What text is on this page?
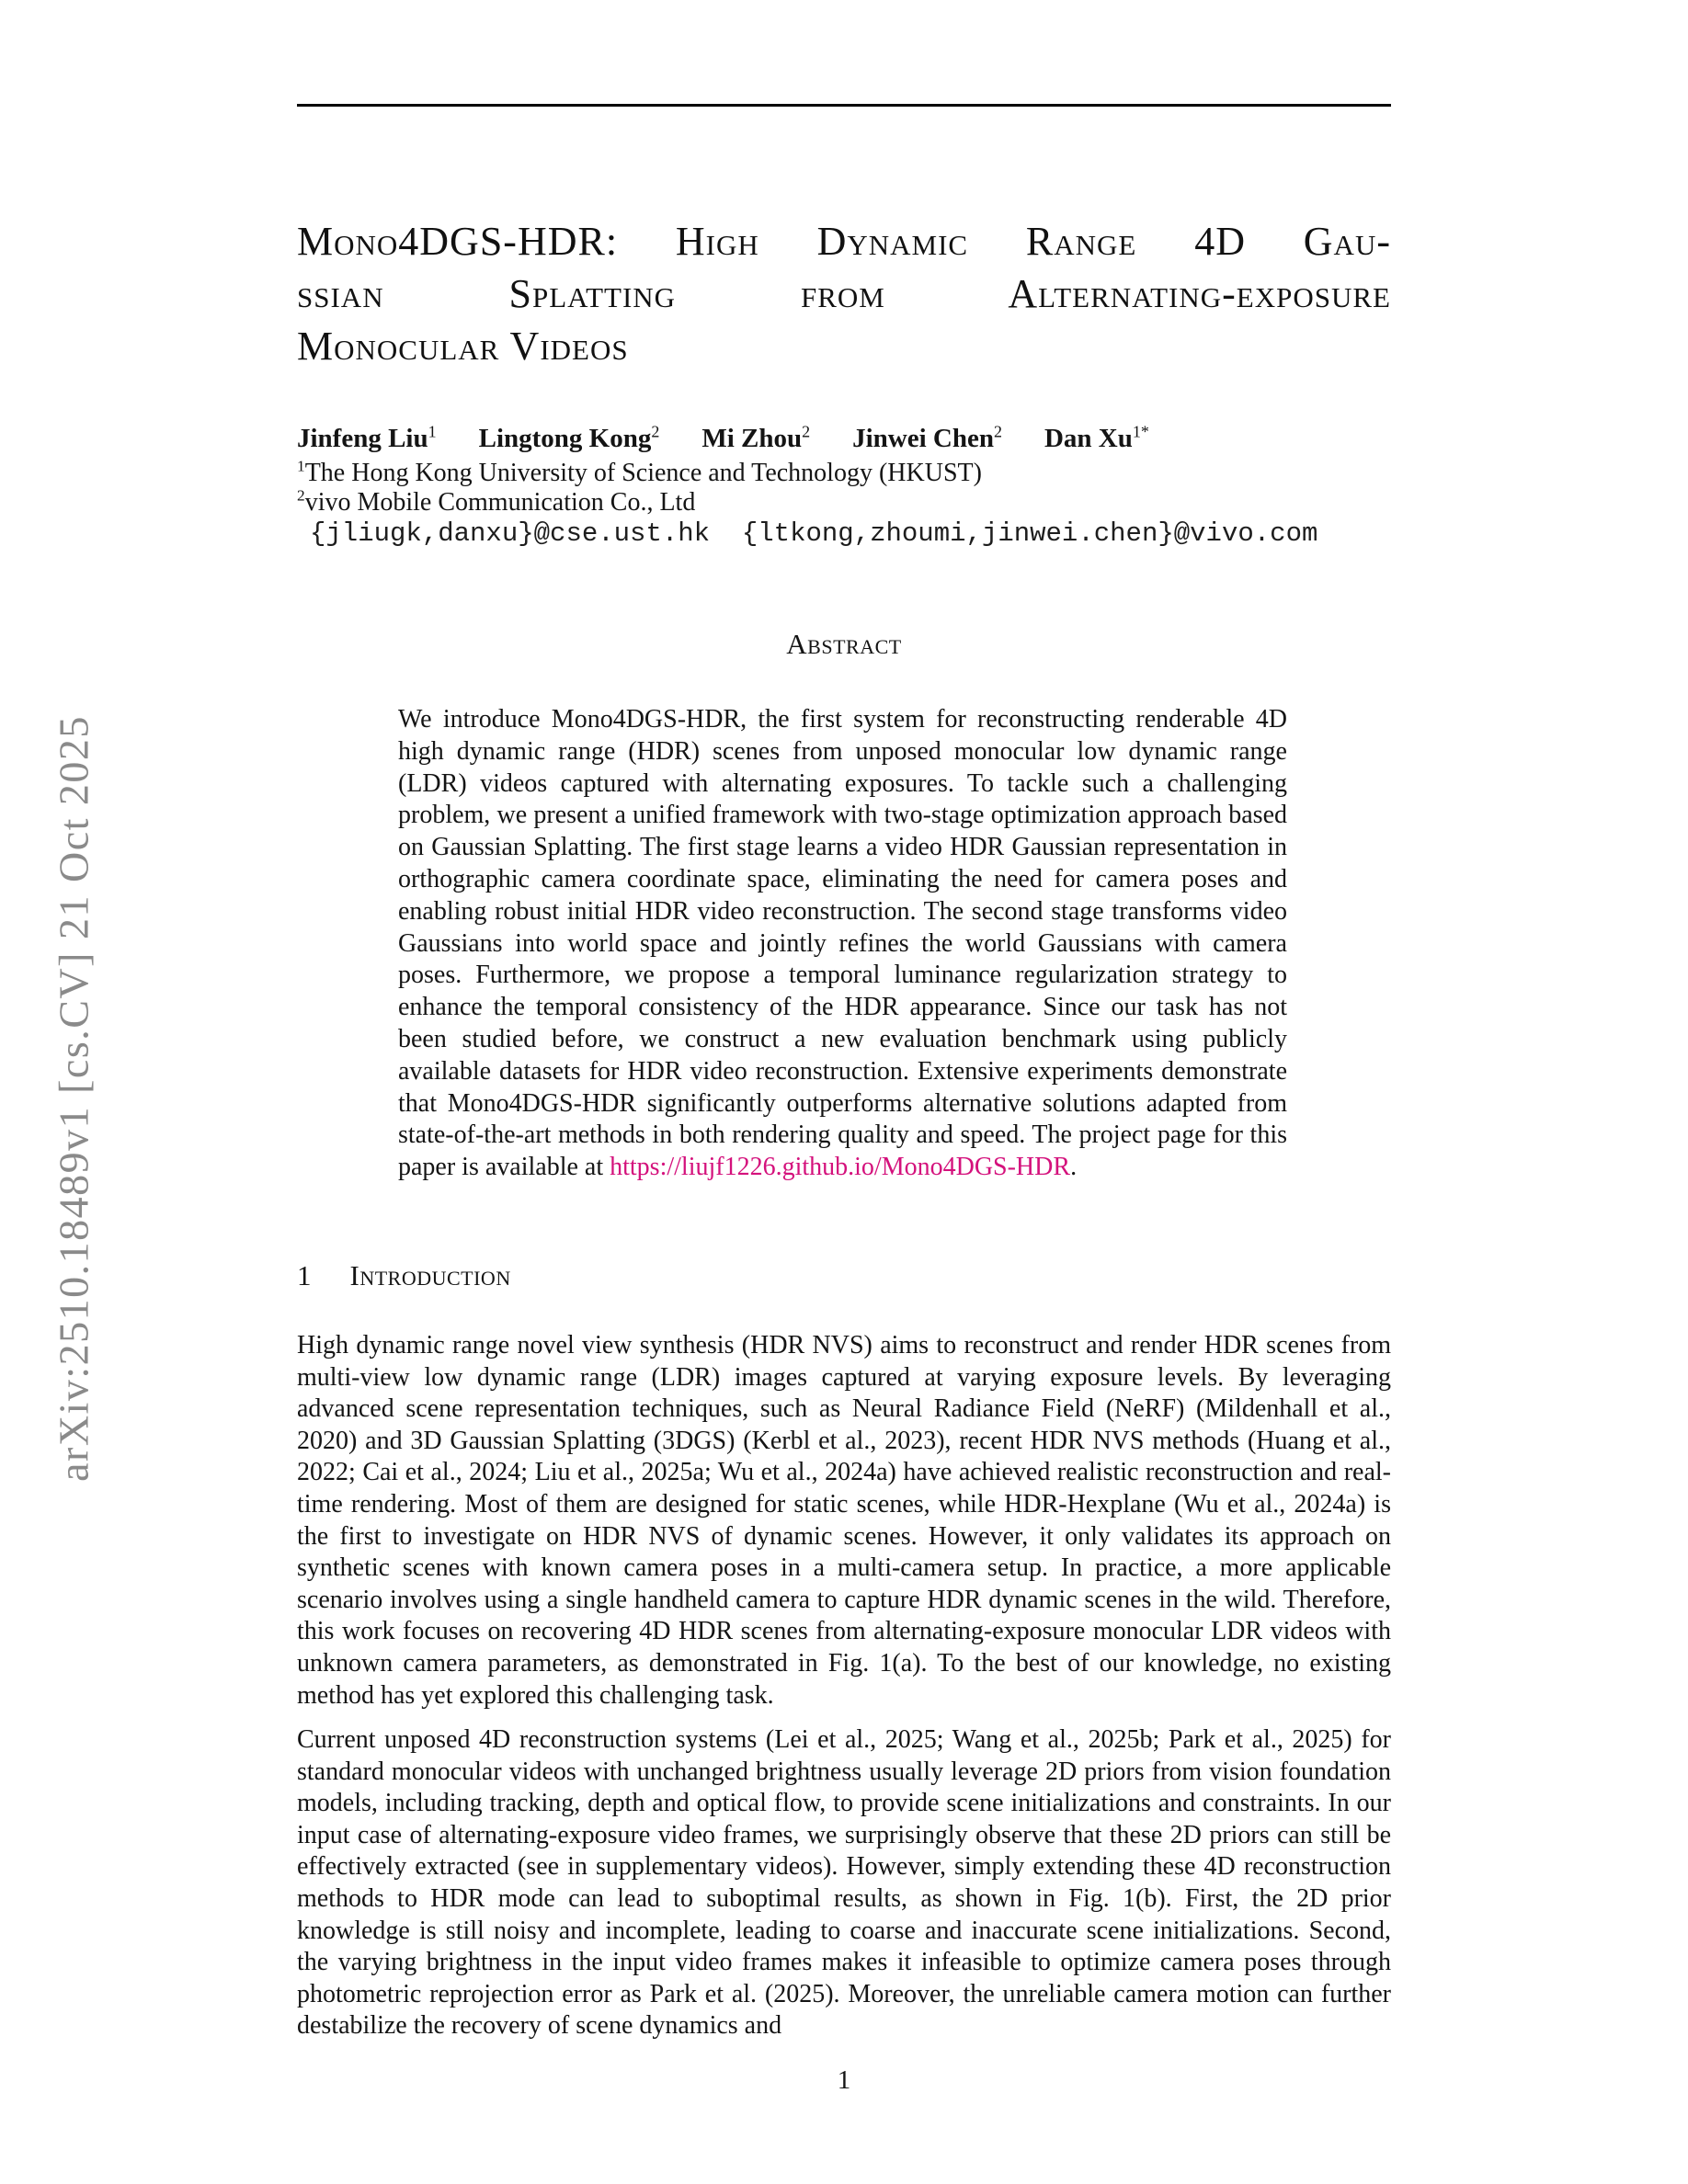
arXiv:2510.18489v1 [cs.CV] 21 Oct 2025
Mono4DGS-HDR: High Dynamic Range 4D Gau-
ssian Splatting from Alternating-exposure
Monocular Videos
Jinfeng Liu$^1$ Lingtong Kong$^2$ Mi Zhou$^2$ Jinwei Chen$^2$ Dan $Xu^{1*}$
$^1$The Hong Kong University of Science and Technology (HKUST)
$^2$vivo Mobile Communication Co., Ltd
{jliugk,danxu}@cse.ust.hk  {ltkong,zhoumi,jinwei.chen}@vivo.com
Abstract
We introduce Mono4DGS-HDR, the first system for reconstructing renderable 4D high dynamic range (HDR) scenes from unposed monocular low dynamic range (LDR) videos captured with alternating exposures. To tackle such a challenging problem, we present a unified framework with two-stage optimization approach based on Gaussian Splatting. The first stage learns a video HDR Gaussian representation in orthographic camera coordinate space, eliminating the need for camera poses and enabling robust initial HDR video reconstruction. The second stage transforms video Gaussians into world space and jointly refines the world Gaussians with camera poses. Furthermore, we propose a temporal luminance regularization strategy to enhance the temporal consistency of the HDR appearance. Since our task has not been studied before, we construct a new evaluation benchmark using publicly available datasets for HDR video reconstruction. Extensive experiments demonstrate that Mono4DGS-HDR significantly outperforms alternative solutions adapted from state-of-the-art methods in both rendering quality and speed. The project page for this paper is available at https://liujf1226.github.io/Mono4DGS-HDR.
1 Introduction

High dynamic range novel view synthesis (HDR NVS) aims to reconstruct and render HDR scenes from multi-view low dynamic range (LDR) images captured at varying exposure levels. By leveraging advanced scene representation techniques, such as Neural Radiance Field (NeRF) (Mildenhall et al., 2020) and 3D Gaussian Splatting (3DGS) (Kerbl et al., 2023), recent HDR NVS methods (Huang et al., 2022; Cai et al., 2024; Liu et al., 2025a; Wu et al., 2024a) have achieved realistic reconstruction and real-time rendering. Most of them are designed for static scenes, while HDR-Hexplane (Wu et al., 2024a) is the first to investigate on HDR NVS of dynamic scenes. However, it only validates its approach on synthetic scenes with known camera poses in a multi-camera setup. In practice, a more applicable scenario involves using a single handheld camera to capture HDR dynamic scenes in the wild. Therefore, this work focuses on recovering 4D HDR scenes from alternating-exposure monocular LDR videos with unknown camera parameters, as demonstrated in Fig. 1(a). To the best of our knowledge, no existing method has yet explored this challenging task.

Current unposed 4D reconstruction systems (Lei et al., 2025; Wang et al., 2025b; Park et al., 2025) for standard monocular videos with unchanged brightness usually leverage 2D priors from vision foundation models, including tracking, depth and optical flow, to provide scene initializations and constraints. In our input case of alternating-exposure video frames, we surprisingly observe that these 2D priors can still be effectively extracted (see in supplementary videos). However, simply extending these 4D reconstruction methods to HDR mode can lead to suboptimal results, as shown in Fig. 1(b). First, the 2D prior knowledge is still noisy and incomplete, leading to coarse and inaccurate scene initializations. Second, the varying brightness in the input video frames makes it infeasible to optimize camera poses through photometric reprojection error as Park et al. (2025). Moreover, the unreliable camera motion can further destabilize the recovery of scene dynamics and

1
